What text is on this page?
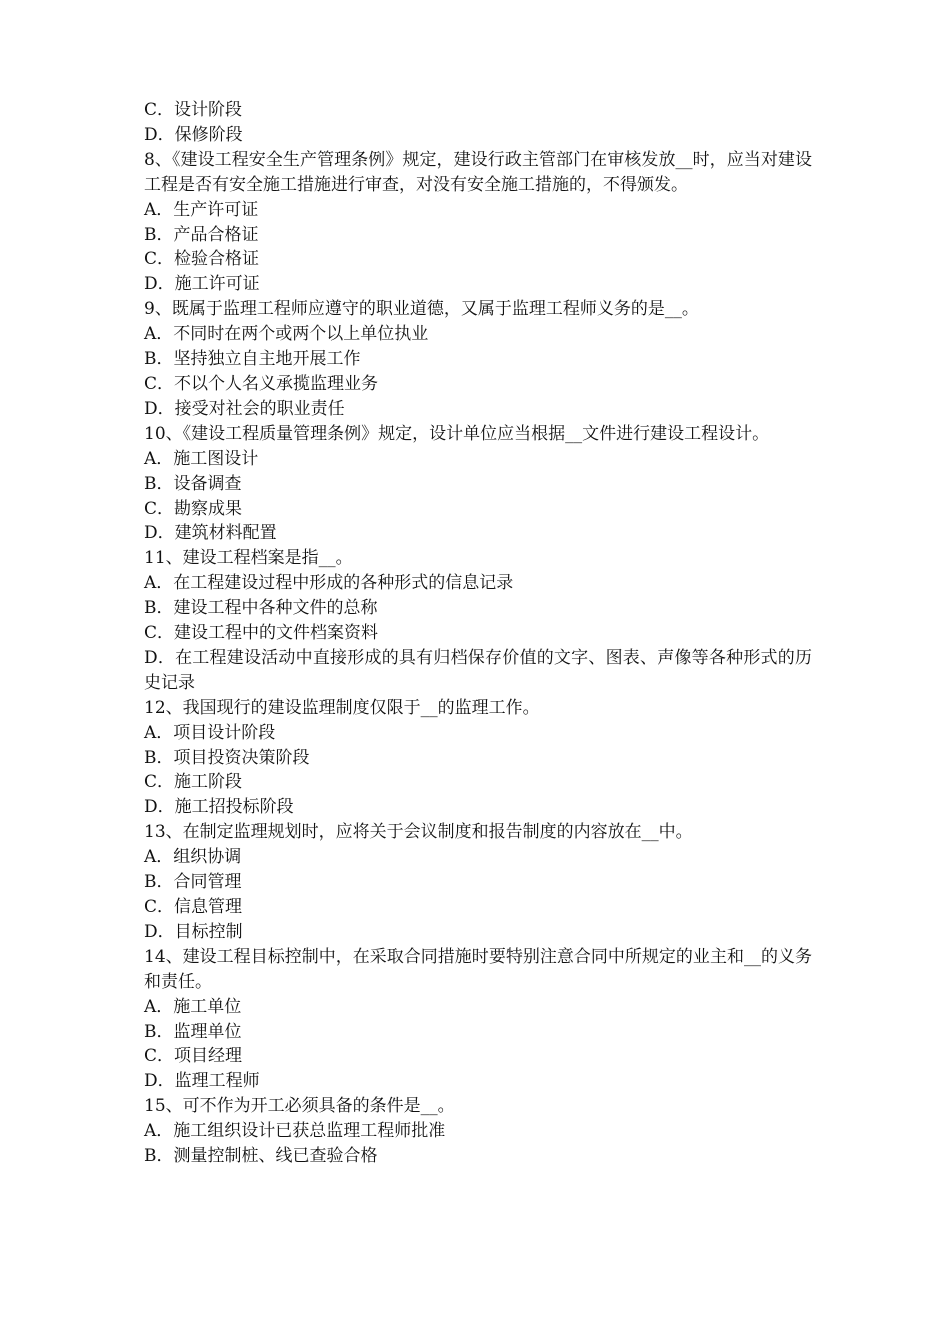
C．设计阶段
D．保修阶段
8、《建设工程安全生产管理条例》规定，建设行政主管部门在审核发放__时，应当对建设工程是否有安全施工措施进行审查，对没有安全施工措施的，不得颁发。
A．生产许可证
B．产品合格证
C．检验合格证
D．施工许可证
9、既属于监理工程师应遵守的职业道德，又属于监理工程师义务的是__。
A．不同时在两个或两个以上单位执业
B．坚持独立自主地开展工作
C．不以个人名义承揽监理业务
D．接受对社会的职业责任
10、《建设工程质量管理条例》规定，设计单位应当根据__文件进行建设工程设计。
A．施工图设计
B．设备调查
C．勘察成果
D．建筑材料配置
11、建设工程档案是指__。
A．在工程建设过程中形成的各种形式的信息记录
B．建设工程中各种文件的总称
C．建设工程中的文件档案资料
D．在工程建设活动中直接形成的具有归档保存价值的文字、图表、声像等各种形式的历史记录
12、我国现行的建设监理制度仅限于__的监理工作。
A．项目设计阶段
B．项目投资决策阶段
C．施工阶段
D．施工招投标阶段
13、在制定监理规划时，应将关于会议制度和报告制度的内容放在__中。
A．组织协调
B．合同管理
C．信息管理
D．目标控制
14、建设工程目标控制中，在采取合同措施时要特别注意合同中所规定的业主和__的义务和责任。
A．施工单位
B．监理单位
C．项目经理
D．监理工程师
15、可不作为开工必须具备的条件是__。
A．施工组织设计已获总监理工程师批准
B．测量控制桩、线已查验合格
